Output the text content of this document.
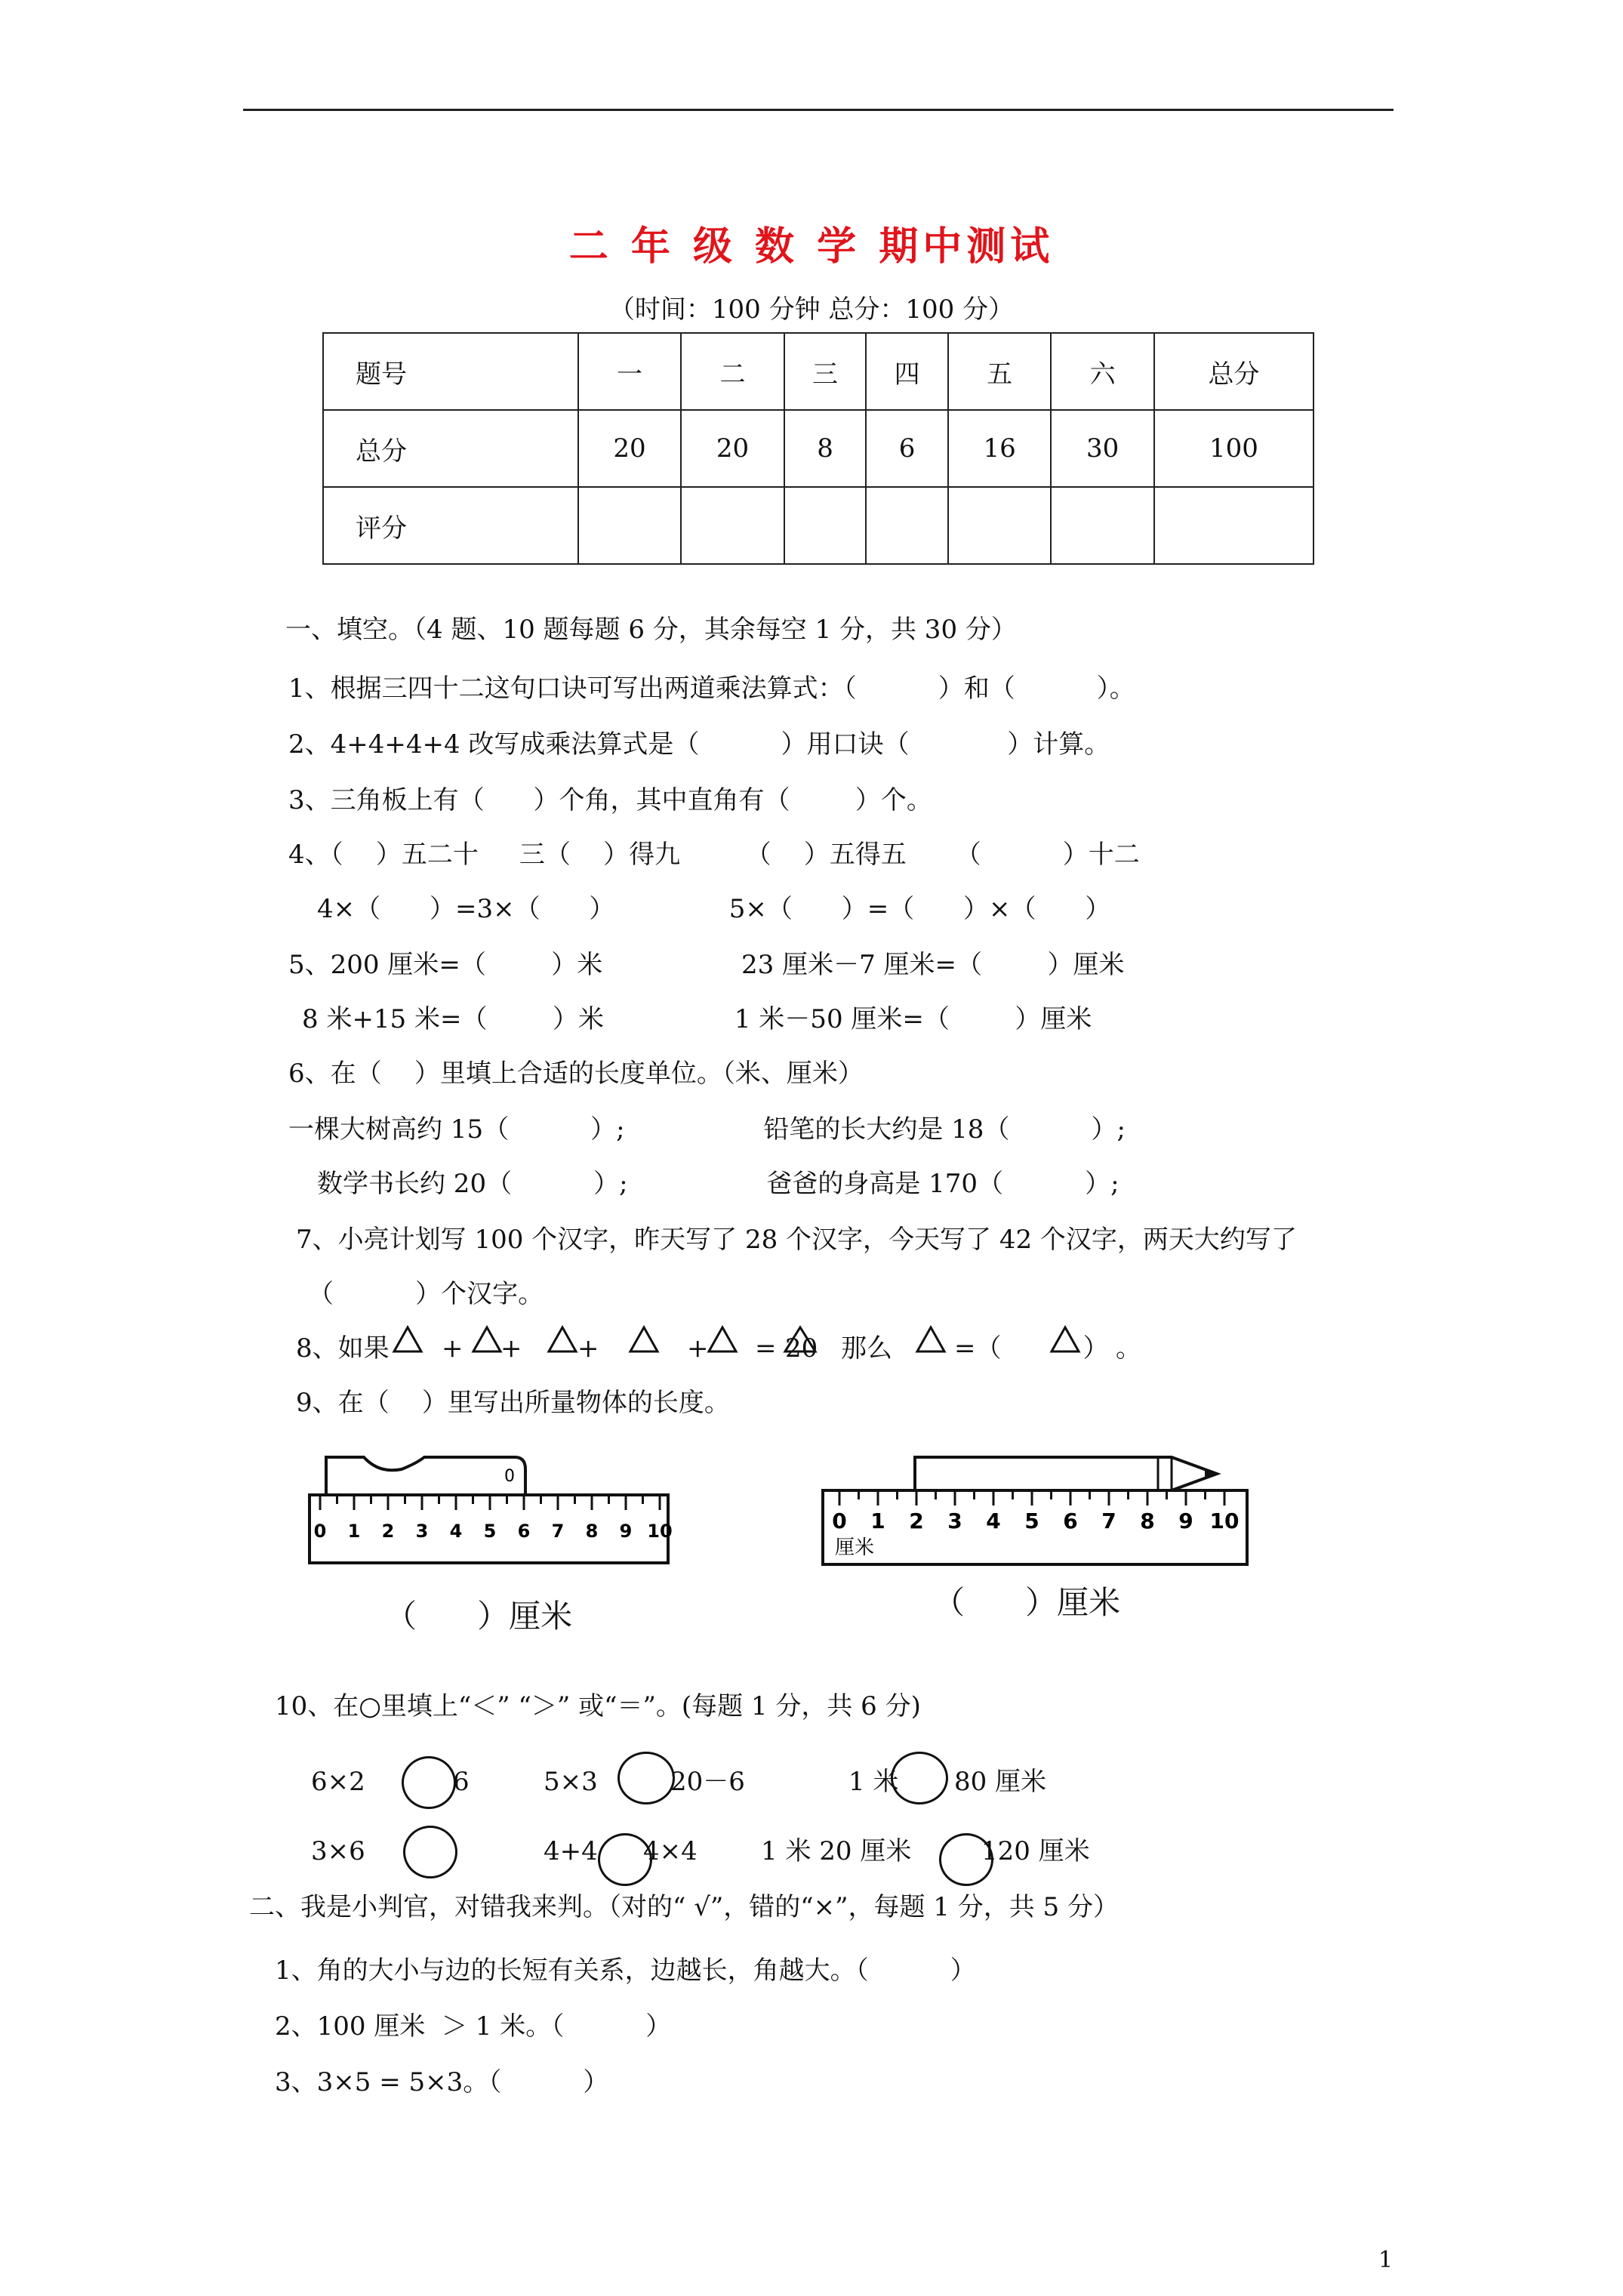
二 年 级 数 学 期中测试
（时间：100 分钟 总分：100 分）
题号	一	二	三	四	五	六	总分
总分	20	20	8	6	16	30	100
评分							
一、填空。（4 题、10 题每题 6 分，其余每空 1 分，共 30 分）
1、根据三四十二这句口诀可写出两道乘法算式：（          ）和（          ）。
2、4+4+4+4 改写成乘法算式是（          ）用口诀（            ）计算。
3、三角板上有（      ）个角，其中直角有（        ）个。
4、（    ）五二十     三（    ）得九        （    ）五得五      （          ）十二
4×（      ）=3×（      ）              5×（      ）=（      ）×（      ）
5、200 厘米=（        ）米                 23 厘米－7 厘米=（        ）厘米
8 米+15 米=（        ）米                1 米－50 厘米=（        ）厘米
6、在（    ）里填上合适的长度单位。（米、厘米）
一棵大树高约 15（          ）;                 铅笔的长大约是 18（          ）;
数学书长约 20（          ）;                 爸爸的身高是 170（          ）;
7、小亮计划写 100 个汉字，昨天写了 28 个汉字，今天写了 42 个汉字，两天大约写了
（          ）个汉字。
8、如果 + + +	+ = 20 那么 =（          ） 。
9、在（    ）里写出所量物体的长度。
0
0 1 2 3 4 5 6 7 8 9 10
（      ）厘米
0 1 2 3 4 5 6 7 8 9 10
厘米
（      ）厘米
10、在○里填上“＜” “＞” 或“＝”。(每题 1 分，共 6 分)
6×2	6	5×3	20－6	1 米 80 厘米
3×6	4+4 4×4 1 米 20 厘米	120 厘米
二、我是小判官，对错我来判。（对的“ √”，错的“×”，每题 1 分，共 5 分）
1、角的大小与边的长短有关系，边越长，角越大。（          ）
2、100 厘米  ＞ 1 米。（          ）
3、3×5 = 5×3。（          ）
1
